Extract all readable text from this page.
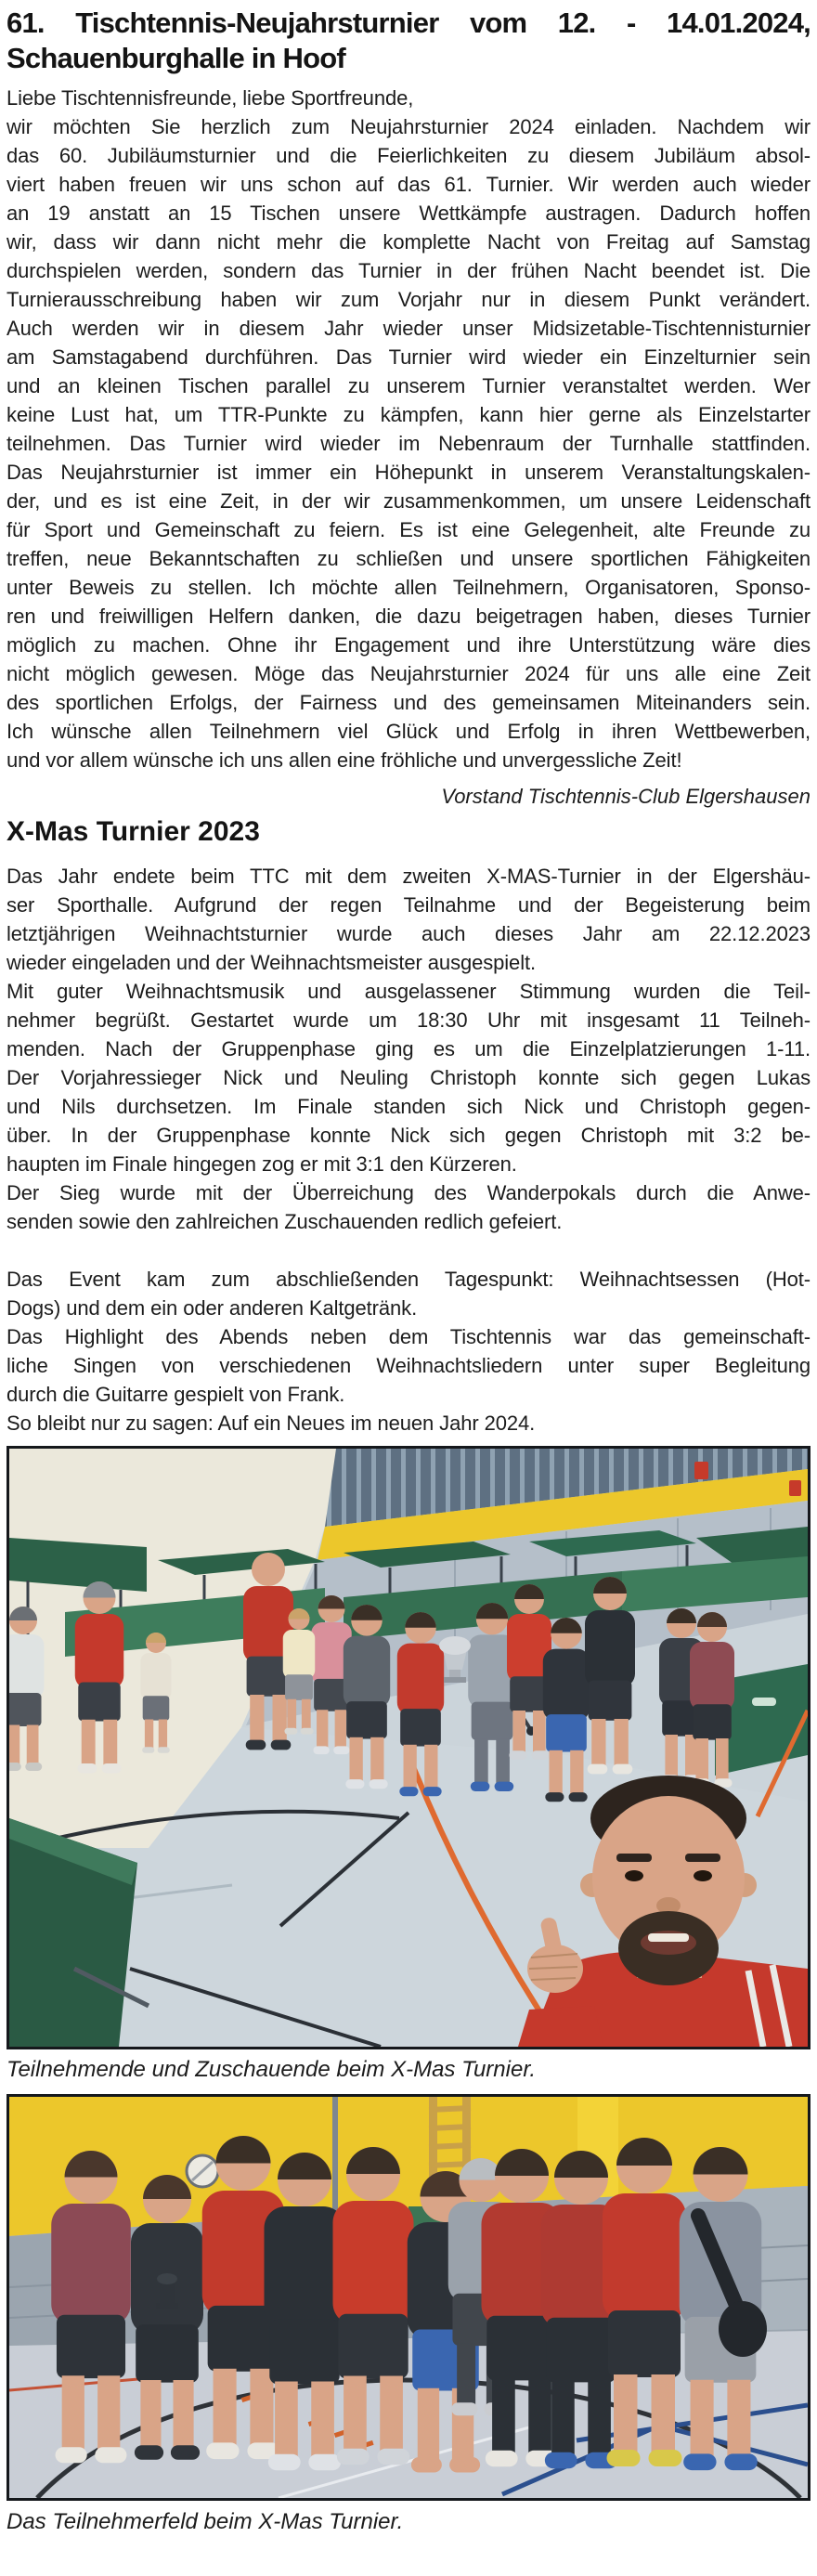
61. Tischtennis-Neujahrsturnier vom 12. - 14.01.2024,
Schauenburghalle in Hoof
Liebe Tischtennisfreunde, liebe Sportfreunde,
wir möchten Sie herzlich zum Neujahrsturnier 2024 einladen. Nachdem wir
das 60. Jubiläumsturnier und die Feierlichkeiten zu diesem Jubiläum absol-
viert haben freuen wir uns schon auf das 61. Turnier. Wir werden auch wieder
an 19 anstatt an 15 Tischen unsere Wettkämpfe austragen. Dadurch hoffen
wir, dass wir dann nicht mehr die komplette Nacht von Freitag auf Samstag
durchspielen werden, sondern das Turnier in der frühen Nacht beendet ist. Die
Turnierausschreibung haben wir zum Vorjahr nur in diesem Punkt verändert.
Auch werden wir in diesem Jahr wieder unser Midsizetable-Tischtennisturnier
am Samstagabend durchführen. Das Turnier wird wieder ein Einzelturnier sein
und an kleinen Tischen parallel zu unserem Turnier veranstaltet werden. Wer
keine Lust hat, um TTR-Punkte zu kämpfen, kann hier gerne als Einzelstarter
teilnehmen. Das Turnier wird wieder im Nebenraum der Turnhalle stattfinden.
Das Neujahrsturnier ist immer ein Höhepunkt in unserem Veranstaltungskalen-
der, und es ist eine Zeit, in der wir zusammenkommen, um unsere Leidenschaft
für Sport und Gemeinschaft zu feiern. Es ist eine Gelegenheit, alte Freunde zu
treffen, neue Bekanntschaften zu schließen und unsere sportlichen Fähigkeiten
unter Beweis zu stellen. Ich möchte allen Teilnehmern, Organisatoren, Sponso-
ren und freiwilligen Helfern danken, die dazu beigetragen haben, dieses Turnier
möglich zu machen. Ohne ihr Engagement und ihre Unterstützung wäre dies
nicht möglich gewesen. Möge das Neujahrsturnier 2024 für uns alle eine Zeit
des sportlichen Erfolgs, der Fairness und des gemeinsamen Miteinanders sein.
Ich wünsche allen Teilnehmern viel Glück und Erfolg in ihren Wettbewerben,
und vor allem wünsche ich uns allen eine fröhliche und unvergessliche Zeit!
Vorstand Tischtennis-Club Elgershausen
X-Mas Turnier 2023
Das Jahr endete beim TTC mit dem zweiten X-MAS-Turnier in der Elgershäu-
ser Sporthalle. Aufgrund der regen Teilnahme und der Begeisterung beim
letztjährigen Weihnachtsturnier wurde auch dieses Jahr am 22.12.2023
wieder eingeladen und der Weihnachtsmeister ausgespielt.
Mit guter Weihnachtsmusik und ausgelassener Stimmung wurden die Teil-
nehmer begrüßt. Gestartet wurde um 18:30 Uhr mit insgesamt 11 Teilneh-
menden. Nach der Gruppenphase ging es um die Einzelplatzierungen 1-11.
Der Vorjahressieger Nick und Neuling Christoph konnte sich gegen Lukas
und Nils durchsetzen. Im Finale standen sich Nick und Christoph gegen-
über. In der Gruppenphase konnte Nick sich gegen Christoph mit 3:2 be-
haupten im Finale hingegen zog er mit 3:1 den Kürzeren.
Der Sieg wurde mit der Überreichung des Wanderpokals durch die Anwe-
senden sowie den zahlreichen Zuschauenden redlich gefeiert.

Das Event kam zum abschließenden Tagespunkt: Weihnachtsessen (Hot-
Dogs) und dem ein oder anderen Kaltgetränk.
Das Highlight des Abends neben dem Tischtennis war das gemeinschaft-
liche Singen von verschiedenen Weihnachtsliedern unter super Begleitung
durch die Guitarre gespielt von Frank.
So bleibt nur zu sagen: Auf ein Neues im neuen Jahr 2024.
Teilnehmende und Zuschauende beim X-Mas Turnier.
Das Teilnehmerfeld beim X-Mas Turnier.
